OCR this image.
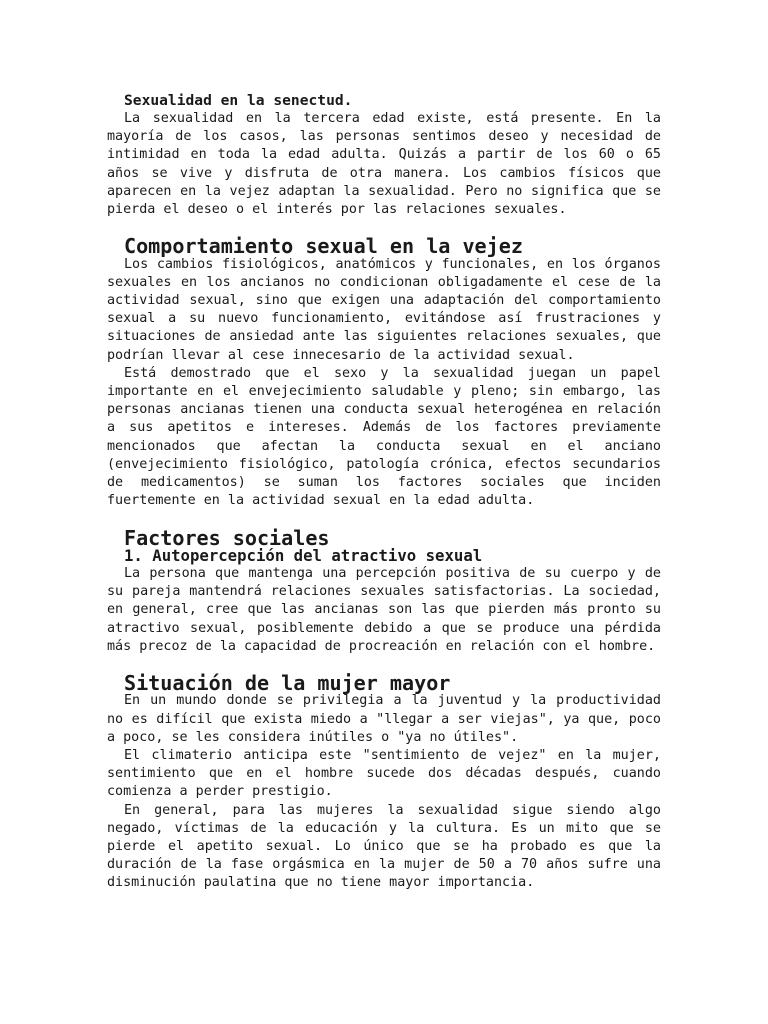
Sexualidad en la senectud.

La sexualidad en la tercera edad existe, está presente. En la mayoría de los casos, las personas sentimos deseo y necesidad de intimidad en toda la edad adulta. Quizás a partir de los 60 o 65 años se vive y disfruta de otra manera. Los cambios físicos que aparecen en la vejez adaptan la sexualidad. Pero no significa que se pierda el deseo o el interés por las relaciones sexuales.

Comportamiento sexual en la vejez

Los cambios fisiológicos, anatómicos y funcionales, en los órganos sexuales en los ancianos no condicionan obligadamente el cese de la actividad sexual, sino que exigen una adaptación del comportamiento sexual a su nuevo funcionamiento, evitándose así frustraciones y situaciones de ansiedad ante las siguientes relaciones sexuales, que podrían llevar al cese innecesario de la actividad sexual.

Está demostrado que el sexo y la sexualidad juegan un papel importante en el envejecimiento saludable y pleno; sin embargo, las personas ancianas tienen una conducta sexual heterogénea en relación a sus apetitos e intereses. Además de los factores previamente mencionados que afectan la conducta sexual en el anciano (envejecimiento fisiológico, patología crónica, efectos secundarios de medicamentos) se suman los factores sociales que inciden fuertemente en la actividad sexual en la edad adulta.

Factores sociales
1. Autopercepción del atractivo sexual

La persona que mantenga una percepción positiva de su cuerpo y de su pareja mantendrá relaciones sexuales satisfactorias. La sociedad, en general, cree que las ancianas son las que pierden más pronto su atractivo sexual, posiblemente debido a que se produce una pérdida más precoz de la capacidad de procreación en relación con el hombre.

Situación de la mujer mayor

En un mundo donde se privilegia a la juventud y la productividad no es difícil que exista miedo a "llegar a ser viejas", ya que, poco a poco, se les considera inútiles o "ya no útiles".

El climaterio anticipa este "sentimiento de vejez" en la mujer, sentimiento que en el hombre sucede dos décadas después, cuando comienza a perder prestigio.

En general, para las mujeres la sexualidad sigue siendo algo negado, víctimas de la educación y la cultura. Es un mito que se pierde el apetito sexual. Lo único que se ha probado es que la duración de la fase orgásmica en la mujer de 50 a 70 años sufre una disminución paulatina que no tiene mayor importancia.
